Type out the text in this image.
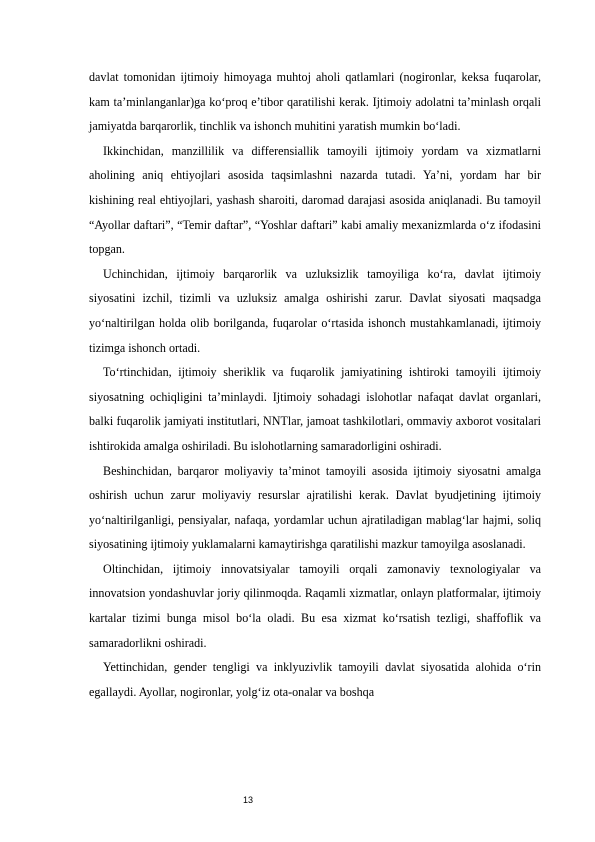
davlat tomonidan ijtimoiy himoyaga muhtoj aholi qatlamlari (nogironlar, keksa fuqarolar, kam ta’minlanganlar)ga ko‘proq e’tibor qaratilishi kerak. Ijtimoiy adolatni ta’minlash orqali jamiyatda barqarorlik, tinchlik va ishonch muhitini yaratish mumkin bo‘ladi.

Ikkinchidan, manzillilik va differensiallik tamoyili ijtimoiy yordam va xizmatlarni aholining aniq ehtiyojlari asosida taqsimlashni nazarda tutadi. Ya’ni, yordam har bir kishining real ehtiyojlari, yashash sharoiti, daromad darajasi asosida aniqlanadi. Bu tamoyil “Ayollar daftari”, “Temir daftar”, “Yoshlar daftari” kabi amaliy mexanizmlarda o‘z ifodasini topgan.

Uchinchidan, ijtimoiy barqarorlik va uzluksizlik tamoyiliga ko‘ra, davlat ijtimoiy siyosatini izchil, tizimli va uzluksiz amalga oshirishi zarur. Davlat siyosati maqsadga yo‘naltirilgan holda olib borilganda, fuqarolar o‘rtasida ishonch mustahkamlanadi, ijtimoiy tizimga ishonch ortadi.

To‘rtinchidan, ijtimoiy sheriklik va fuqarolik jamiyatining ishtiroki tamoyili ijtimoiy siyosatning ochiqligini ta’minlaydi. Ijtimoiy sohadagi islohotlar nafaqat davlat organlari, balki fuqarolik jamiyati institutlari, NNTlar, jamoat tashkilotlari, ommaviy axborot vositalari ishtirokida amalga oshiriladi. Bu islohotlarning samaradorligini oshiradi.

Beshinchidan, barqaror moliyaviy ta’minot tamoyili asosida ijtimoiy siyosatni amalga oshirish uchun zarur moliyaviy resurslar ajratilishi kerak. Davlat byudjetining ijtimoiy yo‘naltirilganligi, pensiyalar, nafaqa, yordamlar uchun ajratiladigan mablag‘lar hajmi, soliq siyosatining ijtimoiy yuklamalarni kamaytirishga qaratilishi mazkur tamoyilga asoslanadi.

Oltinchidan, ijtimoiy innovatsiyalar tamoyili orqali zamonaviy texnologiyalar va innovatsion yondashuvlar joriy qilinmoqda. Raqamli xizmatlar, onlayn platformalar, ijtimoiy kartalar tizimi bunga misol bo‘la oladi. Bu esa xizmat ko‘rsatish tezligi, shaffoflik va samaradorlikni oshiradi.

Yettinchidan, gender tengligi va inklyuzivlik tamoyili davlat siyosatida alohida o‘rin egallaydi. Ayollar, nogironlar, yolg‘iz ota-onalar va boshqa

13
